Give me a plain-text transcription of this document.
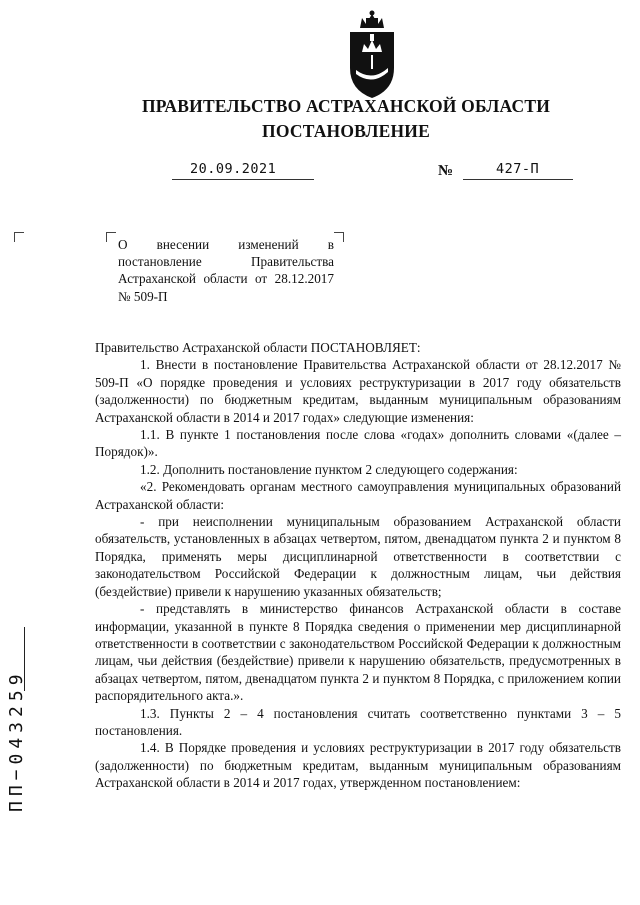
ПРАВИТЕЛЬСТВО АСТРАХАНСКОЙ ОБЛАСТИ
ПОСТАНОВЛЕНИЕ
20.09.2021	№	427-П
О внесении изменений в постановление Правительства Астраханской области от 28.12.2017 № 509-П

Правительство Астраханской области ПОСТАНОВЛЯЕТ:

1. Внести в постановление Правительства Астраханской области от 28.12.2017 № 509-П «О порядке проведения и условиях реструктуризации в 2017 году обязательств (задолженности) по бюджетным кредитам, выданным муниципальным образованиям Астраханской области в 2014 и 2017 годах» следующие изменения:

1.1. В пункте 1 постановления после слова «годах» дополнить словами «(далее – Порядок)».

1.2. Дополнить постановление пунктом 2 следующего содержания:

«2. Рекомендовать органам местного самоуправления муниципальных образований Астраханской области:

- при неисполнении муниципальным образованием Астраханской области обязательств, установленных в абзацах четвертом, пятом, двенадцатом пункта 2 и пунктом 8 Порядка, применять меры дисциплинарной ответственности в соответствии с законодательством Российской Федерации к должностным лицам, чьи действия (бездействие) привели к нарушению указанных обязательств;

- представлять в министерство финансов Астраханской области в составе информации, указанной в пункте 8 Порядка сведения о применении мер дисциплинарной ответственности в соответствии с законодательством Российской Федерации к должностным лицам, чьи действия (бездействие) привели к нарушению обязательств, предусмотренных в абзацах четвертом, пятом, двенадцатом пункта 2 и пунктом 8 Порядка, с приложением копии распорядительного акта.».

1.3. Пункты 2 – 4 постановления считать соответственно пунктами 3 – 5 постановления.

1.4. В Порядке проведения и условиях реструктуризации в 2017 году обязательств (задолженности) по бюджетным кредитам, выданным муниципальным образованиям Астраханской области в 2014 и 2017 годах, утвержденном постановлением:

ПП−043259
